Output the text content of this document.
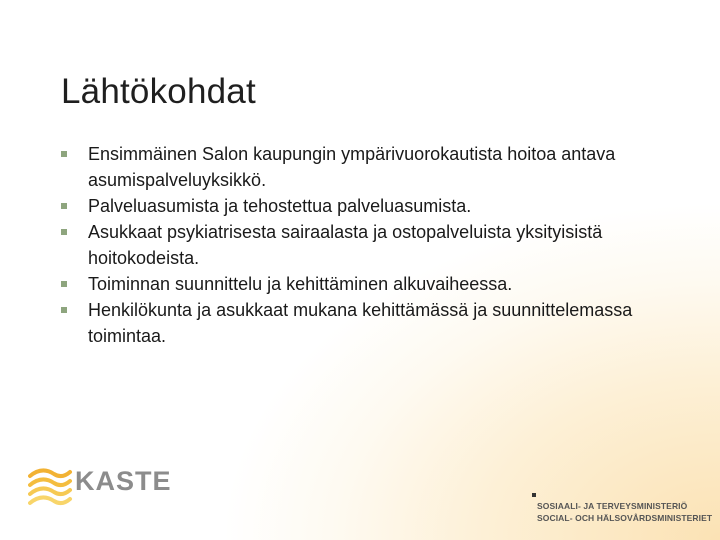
Lähtökohdat
Ensimmäinen Salon kaupungin ympärivuorokautista hoitoa antava asumispalveluyksikkö.
Palveluasumista ja tehostettua palveluasumista.
Asukkaat psykiatrisesta sairaalasta ja ostopalveluista yksityisistä hoitokodeista.
Toiminnan suunnittelu ja kehittäminen alkuvaiheessa.
Henkilökunta ja asukkaat mukana kehittämässä ja suunnittelemassa toimintaa.
KASTE
SOSIAALI- JA TERVEYSMINISTERIÖ
SOCIAL- OCH HÄLSOVÅRDSMINISTERIET
